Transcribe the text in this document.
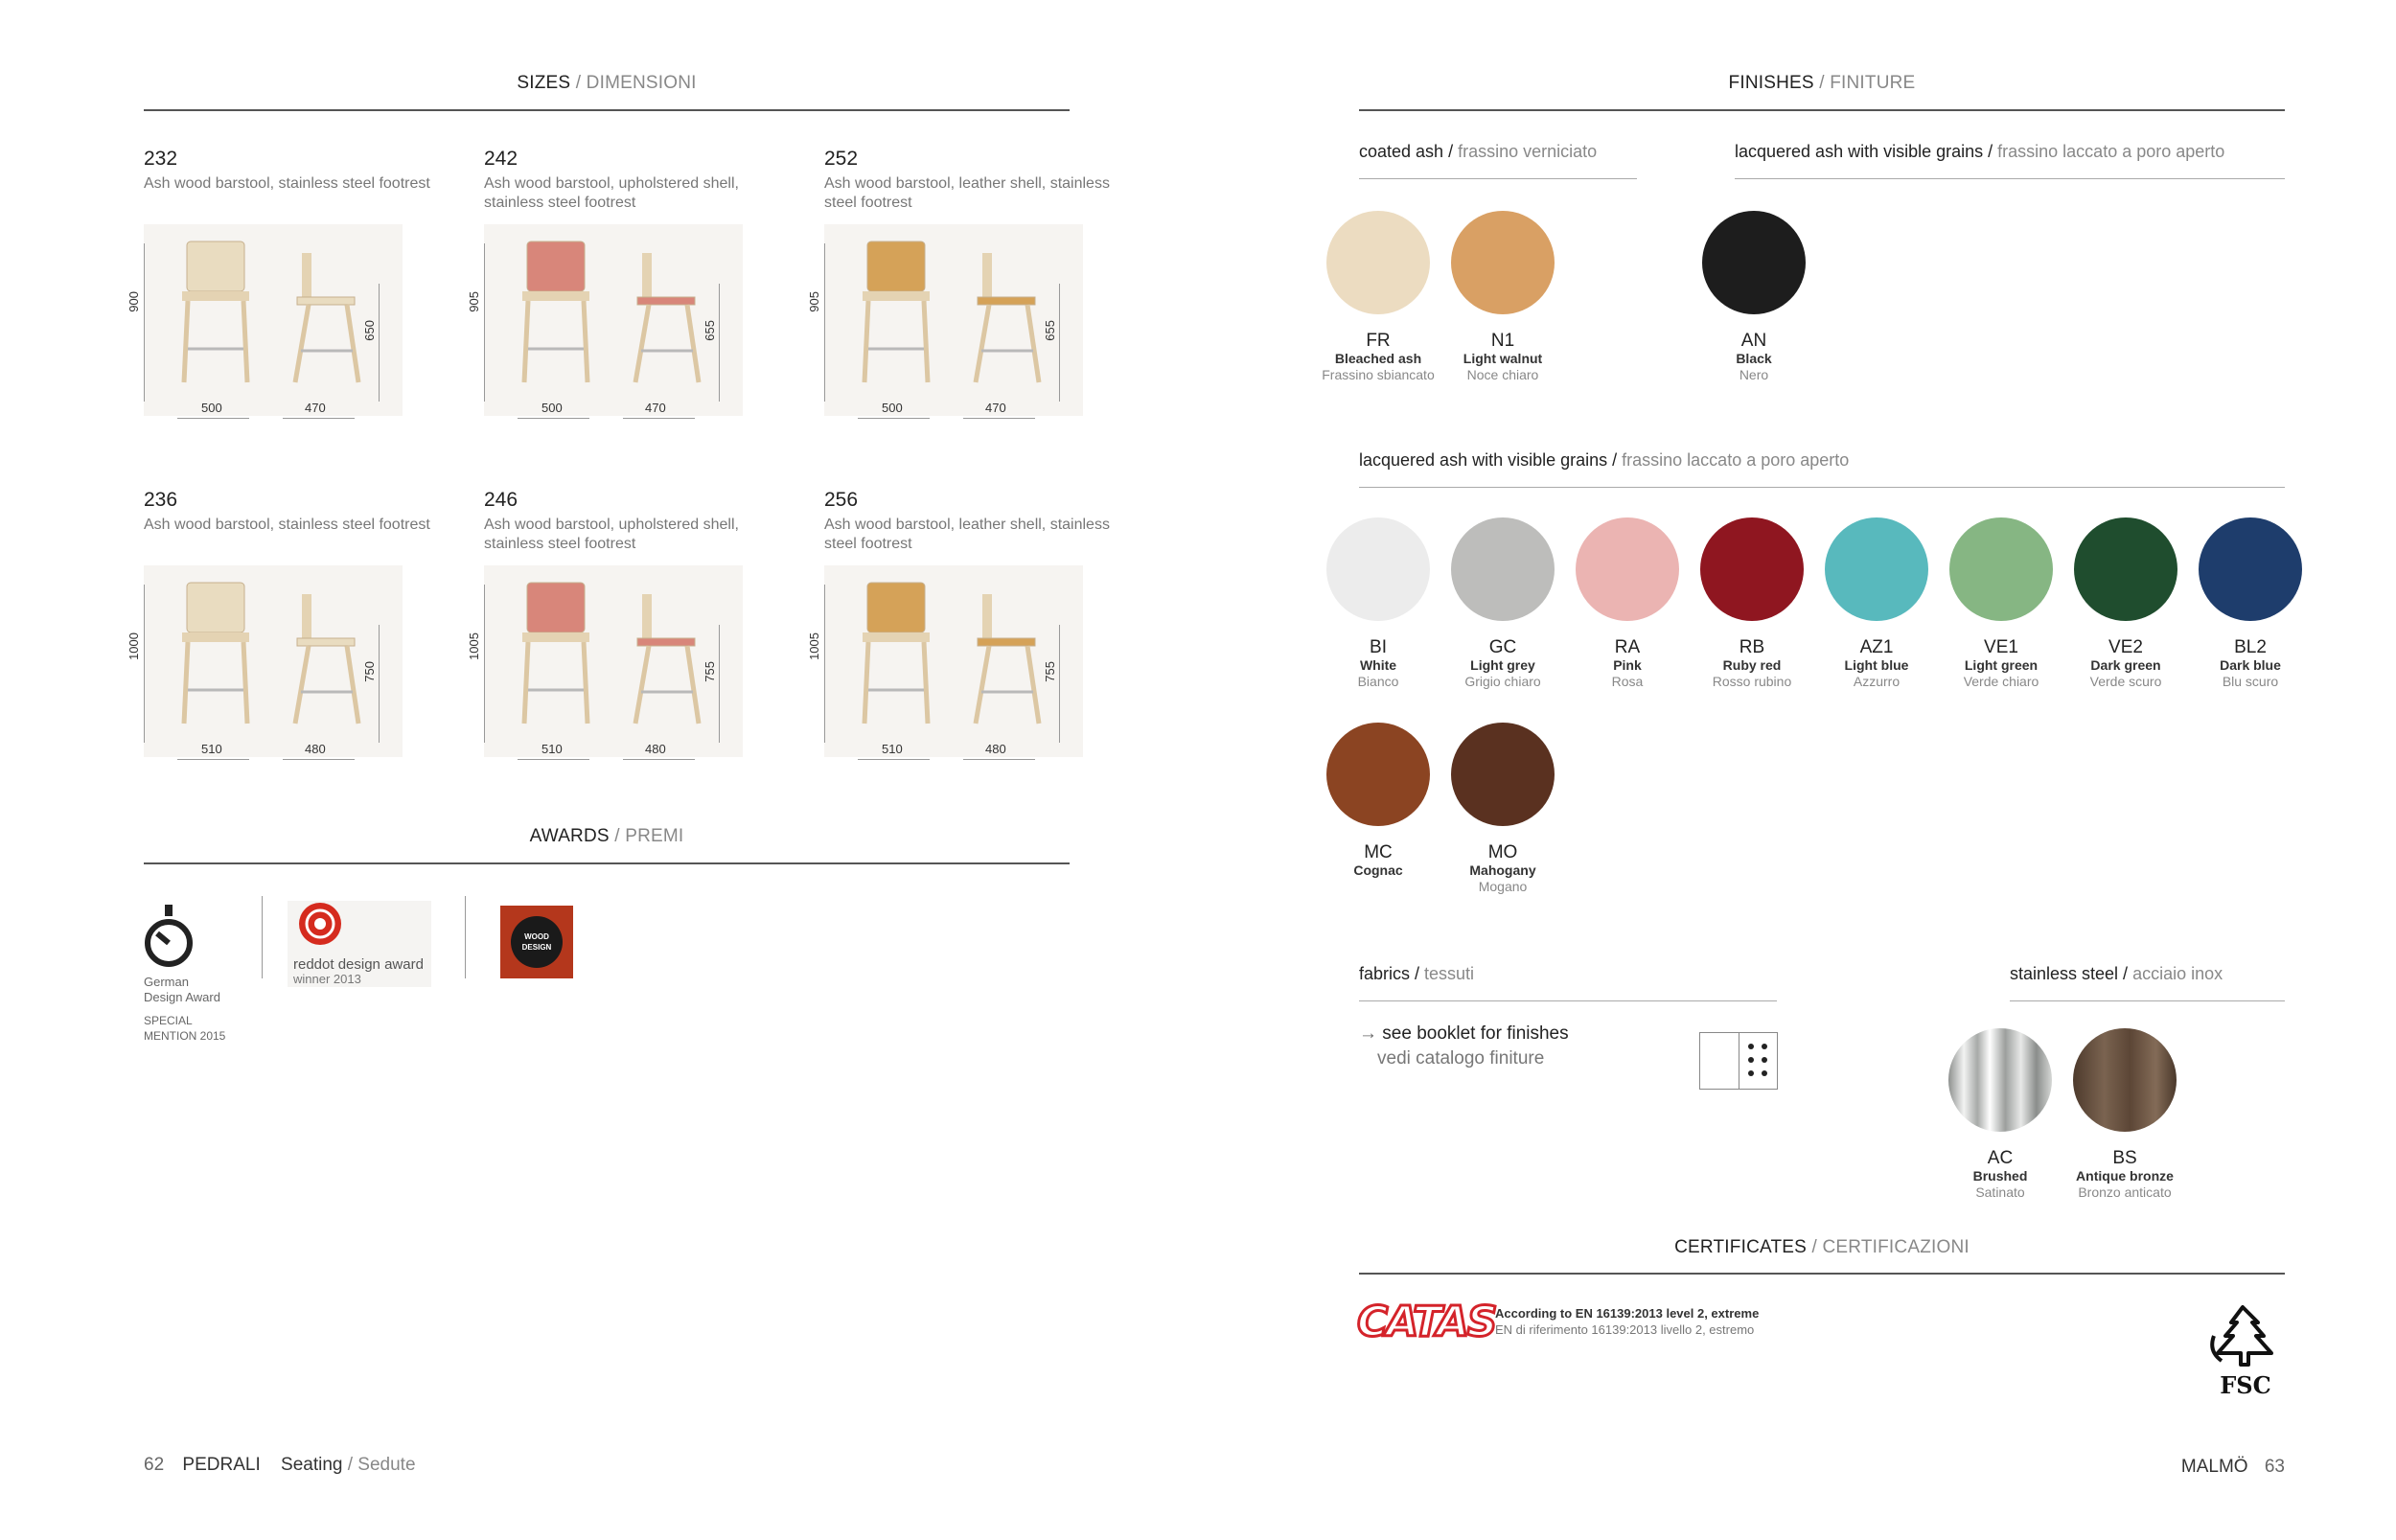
SIZES / DIMENSIONI
232
Ash wood barstool, stainless steel footrest
900
650
500	470
242
Ash wood barstool, upholstered shell, stainless steel footrest
905
655
500	470
252
Ash wood barstool, leather shell, stainless steel footrest
905
655
500	470
236
Ash wood barstool, stainless steel footrest
1000
750
510	480
246
Ash wood barstool, upholstered shell, stainless steel footrest
1005
755
510	480
256
Ash wood barstool, leather shell, stainless steel footrest
1005
755
510	480
AWARDS / PREMI
German
Design Award
SPECIAL
MENTION 2015
reddot design award
winner 2013
WOOD
DESIGN
62 PEDRALI Seating / Sedute
FINISHES / FINITURE
coated ash / frassino verniciato	lacquered ash with visible grains / frassino laccato a poro aperto
FR
Bleached ash
Frassino sbiancato
N1
Light walnut
Noce chiaro
AN
Black
Nero
lacquered ash with visible grains / frassino laccato a poro aperto
BI
White
Bianco
GC
Light grey
Grigio chiaro
RA
Pink
Rosa
RB
Ruby red
Rosso rubino
AZ1
Light blue
Azzurro
VE1
Light green
Verde chiaro
VE2
Dark green
Verde scuro
BL2
Dark blue
Blu scuro
MC
Cognac
MO
Mahogany
Mogano
fabrics / tessuti
→ see booklet for finishes
vedi catalogo finiture
stainless steel / acciaio inox
AC
Brushed
Satinato
BS
Antique bronze
Bronzo anticato
CERTIFICATES / CERTIFICAZIONI
CATAS According to EN 16139:2013 level 2, extreme
EN di riferimento 16139:2013 livello 2, estremo
FSC
MALMÖ 63
